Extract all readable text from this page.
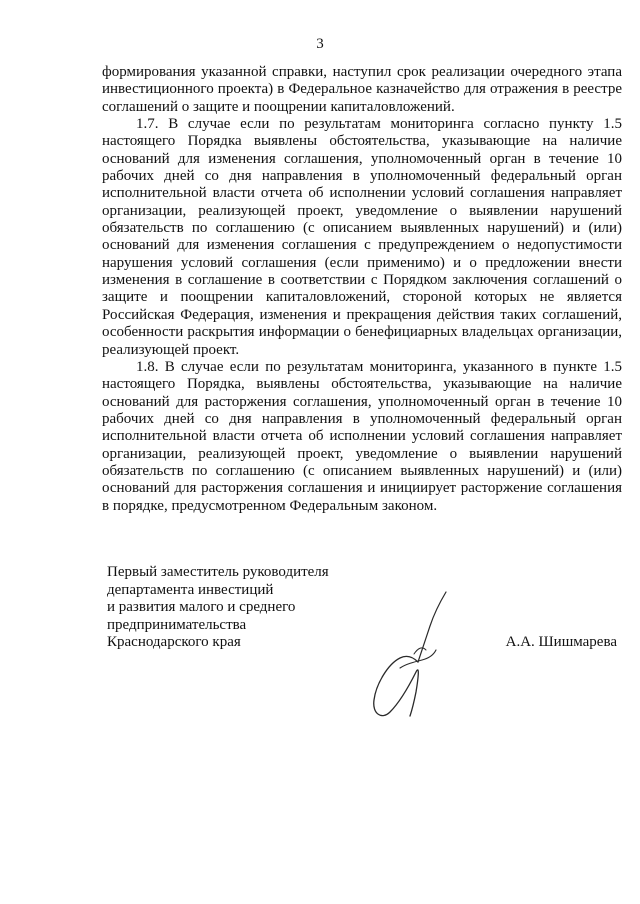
3

формирования указанной справки, наступил срок реализации очередного этапа инвестиционного проекта) в Федеральное казначейство для отражения в реестре соглашений о защите и поощрении капиталовложений.

1.7. В случае если по результатам мониторинга согласно пункту 1.5 настоящего Порядка выявлены обстоятельства, указывающие на наличие оснований для изменения соглашения, уполномоченный орган в течение 10 рабочих дней со дня направления в уполномоченный федеральный орган исполнительной власти отчета об исполнении условий соглашения направляет организации, реализующей проект, уведомление о выявлении нарушений обязательств по соглашению (с описанием выявленных нарушений) и (или) оснований для изменения соглашения с предупреждением о недопустимости нарушения условий соглашения (если применимо) и о предложении внести изменения в соглашение в соответствии с Порядком заключения соглашений о защите и поощрении капиталовложений, стороной которых не является Российская Федерация, изменения и прекращения действия таких соглашений, особенности раскрытия информации о бенефициарных владельцах организации, реализующей проект.

1.8. В случае если по результатам мониторинга, указанного в пункте 1.5 настоящего Порядка, выявлены обстоятельства, указывающие на наличие оснований для расторжения соглашения, уполномоченный орган в течение 10 рабочих дней со дня направления в уполномоченный федеральный орган исполнительной власти отчета об исполнении условий соглашения направляет организации, реализующей проект, уведомление о выявлении нарушений обязательств по соглашению (с описанием выявленных нарушений) и (или) оснований для расторжения соглашения и инициирует расторжение соглашения в порядке, предусмотренном Федеральным законом.

Первый заместитель руководителя
департамента инвестиций
и развития малого и среднего
предпринимательства
Краснодарского края	А.А. Шишмарева
